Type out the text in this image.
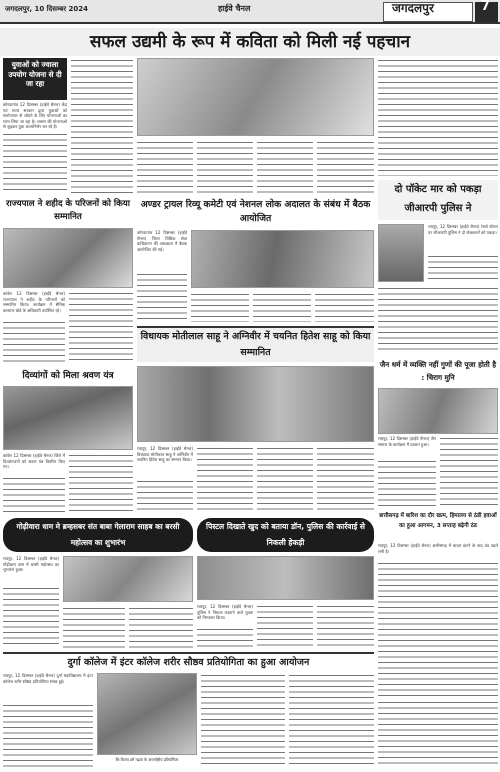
जगदलपुर, 10 दिसम्बर 2024	हाईवे चैनल	जगदलपुर	7
सफल उद्यमी के रूप में कविता को मिली नई पहचान
युवाओं को ज्वाला उपयोग योजना से दी जा रहा
कोण्डागांव 12 दिसम्बर (हाईवे चैनल) केंद्र एवं राज्य सरकार द्वारा युवाओं को स्वरोजगार से जोड़ने के लिए योजनाओं का लाभ लिया जा रहा है। शासन की योजनाओं से जुड़कर युवा आत्मनिर्भर बन रहे हैं।
राज्यपाल ने शहीद के परिजनों को किया सम्मानित
कांकेर 12 दिसम्बर (हाईवे चैनल) राज्यपाल ने शहीद के परिजनों को सम्मानित किया। कार्यक्रम में सैनिक कल्याण बोर्ड के अधिकारी उपस्थित रहे।
दिव्यांगों को मिला श्रवण यंत्र
कांकेर 12 दिसम्बर (हाईवे चैनल) जिले में दिव्यांगजनों को श्रवण यंत्र वितरित किए गए।
दो पॉकेट मार को पकड़ा जीआरपी पुलिस ने
रायपुर, 12 दिसम्बर (हाईवे चैनल) रेलवे स्टेशन पर जीआरपी पुलिस ने दो जेबकतरों को पकड़ा।
जैन धर्म में व्यक्ति नहीं गुणों की पूजा होती है : चिराग मुनि
रायपुर, 12 दिसम्बर (हाईवे चैनल) जैन समाज के कार्यक्रम में प्रवचन हुआ।
अण्डर ट्रायल रिव्यू कमेटी एवं नेशनल लोक अदालत के संबंध में बैठक आयोजित
कोण्डागांव 12 दिसम्बर (हाईवे चैनल) जिला विधिक सेवा प्राधिकरण की अध्यक्षता में बैठक आयोजित की गई।
विधायक मोतीलाल साहू ने अग्निवीर में चयनित हितेश साहू को किया सम्मानित
रायपुर, 12 दिसम्बर (हाईवे चैनल) विधायक मोतीलाल साहू ने अग्निवीर में चयनित हितेश साहू का सम्मान किया।
छत्तीसगढ़ में बारिश का दौर खत्म, हिमालय से ठंडी हवाओं का हुआ आगमन, 3 सप्ताह बढ़ेगी ठंड
रायपुर, 12 दिसम्बर (हाईवे चैनल) छत्तीसगढ़ में बादल छंटने के बाद ठंड बढ़ने लगी है।
गोढ़ीवारा धाम मे ब्रम्हसबर संत बाबा गेलाराम साहब का बरसी महोत्सव का शुभारंभ
रायपुर, 12 दिसम्बर (हाईवे चैनल) गोढ़ीवारा धाम में बरसी महोत्सव का शुभारंभ हुआ।
पिस्टल दिखाते खुद को बताया डॉन, पुलिस की कार्रवाई से निकली हेकड़ी
रायपुर, 12 दिसम्बर (हाईवे चैनल) पुलिस ने पिस्टल लहराने वाले युवक को गिरफ्तार किया।
दुर्गा कॉलेज में इंटर कॉलेज शरीर सौष्ठव प्रतियोगिता का हुआ आयोजन
रायपुर, 12 दिसम्बर (हाईवे चैनल) दुर्गा महाविद्यालय में इंटर कॉलेज शरीर सौष्ठव प्रतियोगिता संपन्न हुई।
कि विजय डर्म गढ़ता के अन्तर्राष्ट्रीय प्रतियोगिता
